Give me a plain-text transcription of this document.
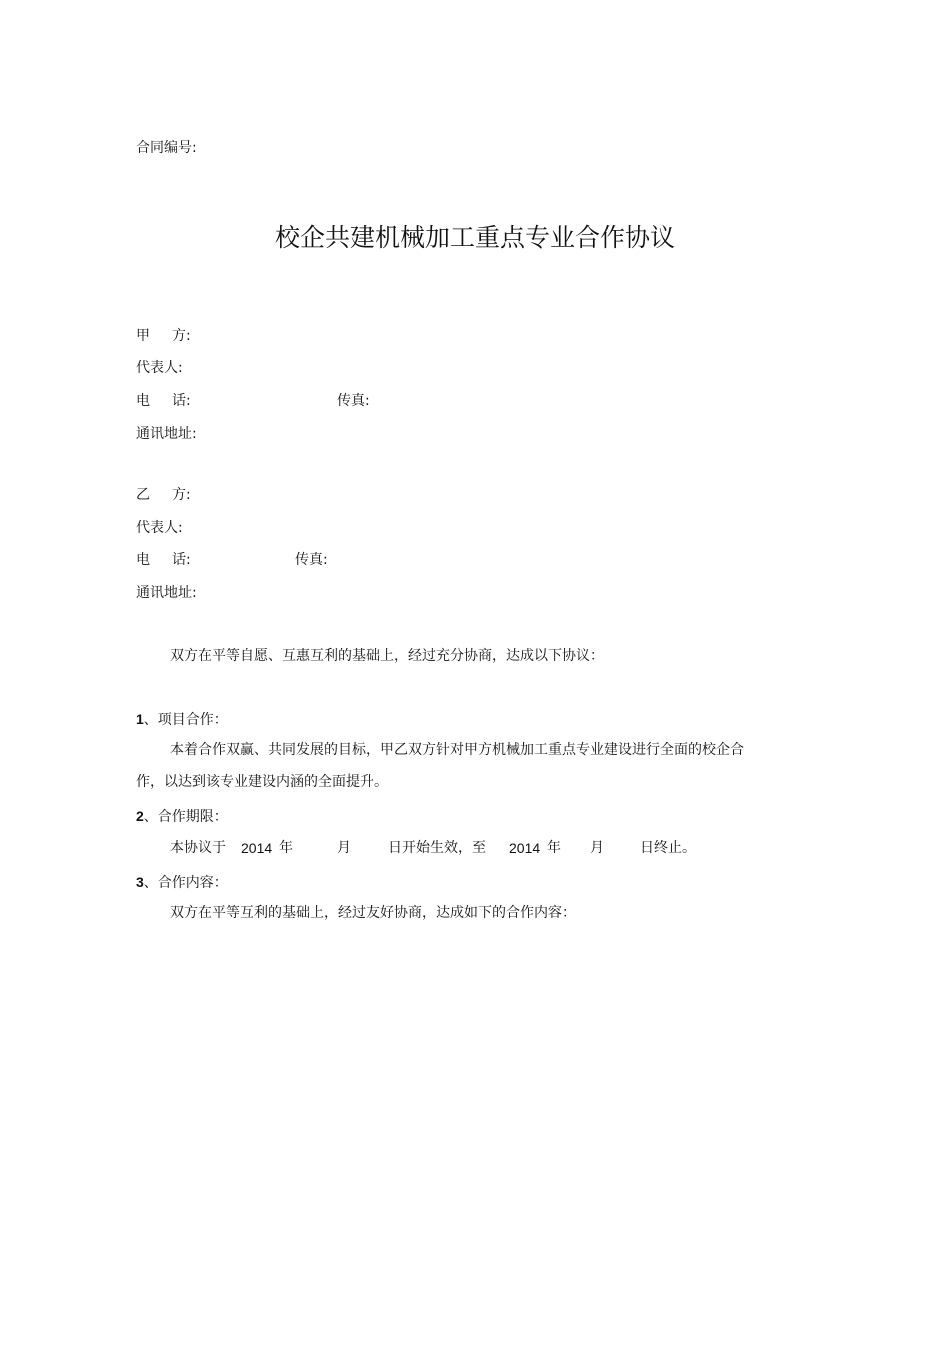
合同编号:
校企共建机械加工重点专业合作协议
甲 方:
代表人:
电 话:	传真:
通讯地址:
乙 方:
代表人:
电 话:	传真:
通讯地址:
双方在平等自愿、互惠互利的基础上，经过充分协商，达成以下协议：
1、项目合作：
本着合作双赢、共同发展的目标，甲乙双方针对甲方机械加工重点专业建设进行全面的校企合
作，以达到该专业建设内涵的全面提升。
2、合作期限：
本协议于 2014 年	月	日开始生效，至 2014 年 月	日终止。
3、合作内容：
双方在平等互利的基础上，经过友好协商，达成如下的合作内容：
